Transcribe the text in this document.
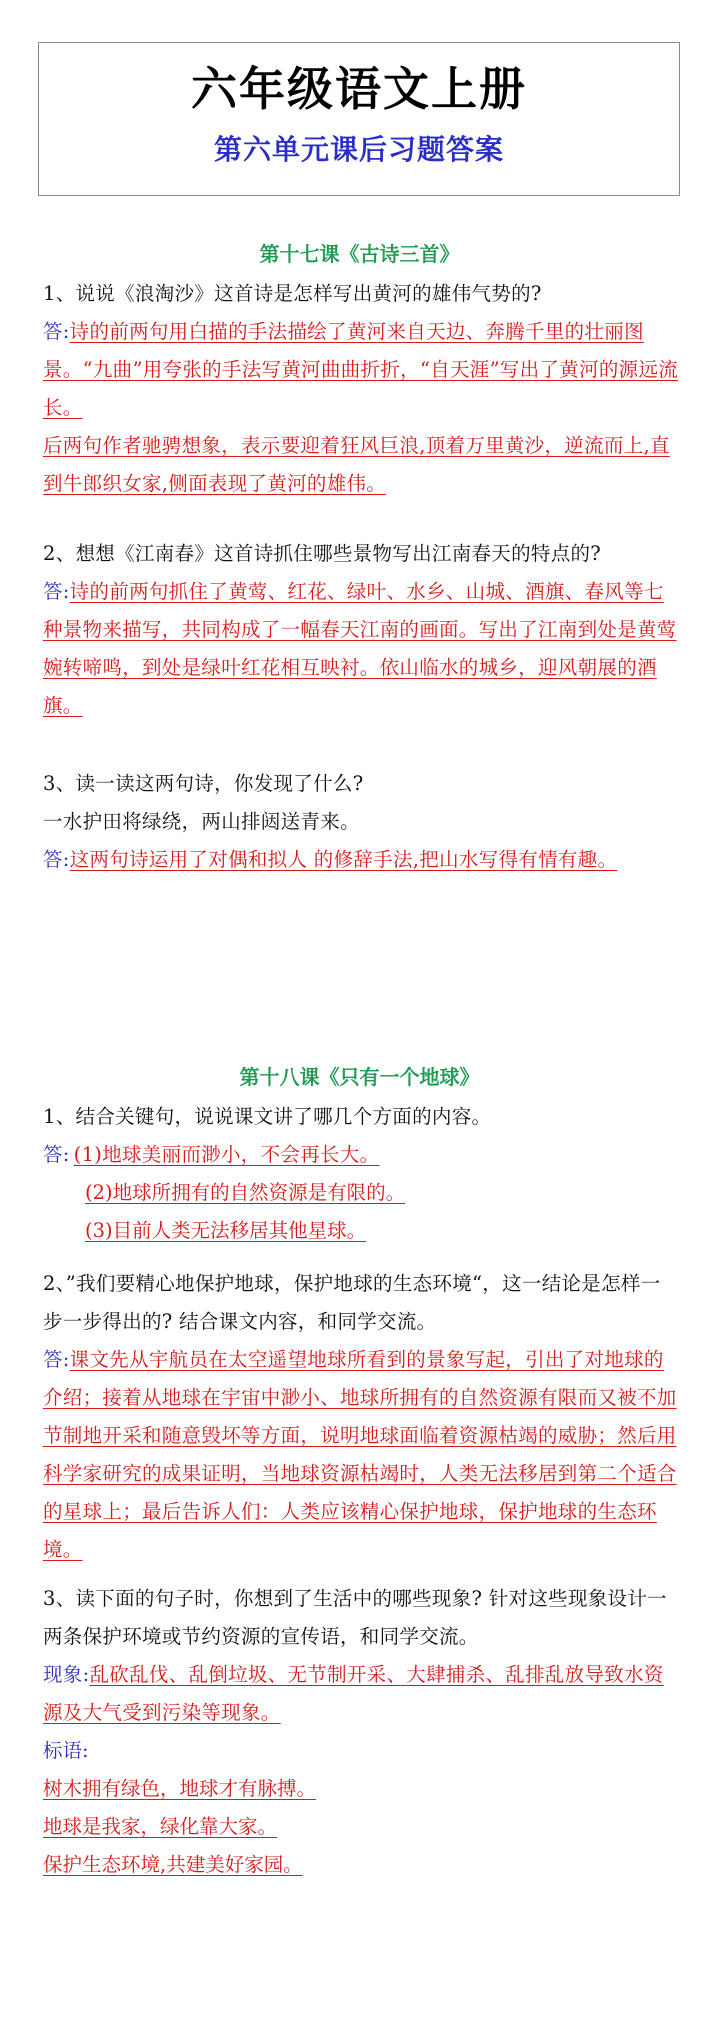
六年级语文上册
第六单元课后习题答案
第十七课《古诗三首》
1、说说《浪淘沙》这首诗是怎样写出黄河的雄伟气势的?
答:诗的前两句用白描的手法描绘了黄河来自天边、奔腾千里的壮丽图景。“九曲”用夸张的手法写黄河曲曲折折，“自天涯”写出了黄河的源远流长。
后两句作者驰骋想象，表示要迎着狂风巨浪,顶着万里黄沙，逆流而上,直到牛郎织女家,侧面表现了黄河的雄伟。
2、想想《江南春》这首诗抓住哪些景物写出江南春天的特点的?
答:诗的前两句抓住了黄莺、红花、绿叶、水乡、山城、酒旗、春风等七种景物来描写，共同构成了一幅春天江南的画面。写出了江南到处是黄莺婉转啼鸣，到处是绿叶红花相互映衬。依山临水的城乡，迎风朝展的酒旗。
3、读一读这两句诗，你发现了什么?
一水护田将绿绕，两山排闼送青来。
答:这两句诗运用了对偶和拟人 的修辞手法,把山水写得有情有趣。
第十八课《只有一个地球》
1、结合关键句，说说课文讲了哪几个方面的内容。
答: (1)地球美丽而渺小，不会再长大。
(2)地球所拥有的自然资源是有限的。
(3)目前人类无法移居其他星球。
2、”我们要精心地保护地球，保护地球的生态环境“，这一结论是怎样一 步一步得出的? 结合课文内容，和同学交流。
答:课文先从宇航员在太空遥望地球所看到的景象写起，引出了对地球的介绍；接着从地球在宇宙中渺小、地球所拥有的自然资源有限而又被不加节制地开采和随意毁坏等方面，说明地球面临着资源枯竭的威胁；然后用科学家研究的成果证明，当地球资源枯竭时，人类无法移居到第二个适合的星球上；最后告诉人们：人类应该精心保护地球，保护地球的生态环境。
3、读下面的句子时，你想到了生活中的哪些现象? 针对这些现象设计一两条保护环境或节约资源的宣传语，和同学交流。
现象:乱砍乱伐、乱倒垃圾、无节制开采、大肆捕杀、乱排乱放导致水资源及大气受到污染等现象。
标语:
树木拥有绿色，地球才有脉搏。
地球是我家，绿化靠大家。
保护生态环境,共建美好家园。
